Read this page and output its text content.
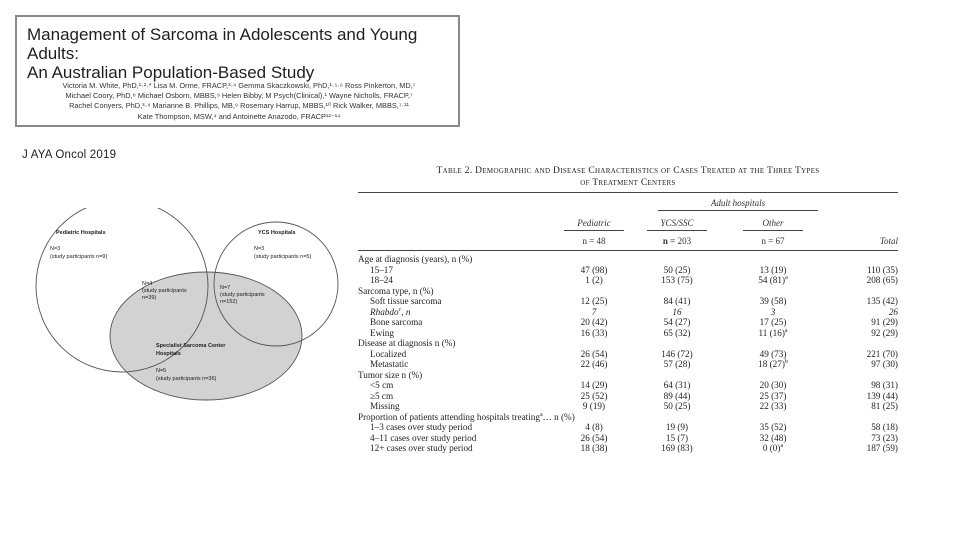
Management of Sarcoma in Adolescents and Young Adults:
An Australian Population-Based Study
Victoria M. White, PhD,¹·²·* Lisa M. Orme, FRACP,³·⁴ Gemma Skaczkowski, PhD,¹·⁵·⁶ Ross Pinkerton, MD,⁷
Michael Coory, PhD,⁸ Michael Osborn, MBBS,⁹ Helen Bibby, M Psych(Clinical),¹ Wayne Nicholls, FRACP,⁷
Rachel Conyers, PhD,³·⁴ Marianne B. Phillips, MB,⁹ Rosemary Harrup, MBBS,¹⁰ Rick Walker, MBBS,⁷·¹¹
Kate Thompson, MSW,⁴ and Antoinette Anazodo, FRACP¹²⁻¹⁴
J AYA Oncol 2019
Pediatric Hospitals
N=3
(study participants n=9)
YCS Hospitals
N=3
(study participants n=5)
N=4
(study participants
n=39)
N=7
(study participants
n=152)
Specialist Sarcoma Center
Hospitals
N=5
(study participants n=36)
Table 2. Demographic and Disease Characteristics of Cases Treated at the Three Types
of Treatment Centers
Adult hospitals
Pediatric	YCS/SSC	Other
n = 48	n = 203	n = 67	Total
Age at diagnosis (years), n (%)
15–17	47 (98)	50 (25)	13 (19)	110 (35)
18–24	1 (2)	153 (75)	54 $(81)^a$	208 (65)
Sarcoma type, n (%)
Soft tissue sarcoma	12 (25)	84 (41)	39 (58)	135 (42)
Rhabdo$^c$, n	7	16	3	26
Bone sarcoma	20 (42)	54 (27)	17 (25)	91 (29)
Ewing	16 (33)	65 (32)	11 $(16)^a$	92 (29)
Disease at diagnosis n (%)
Localized	26 (54)	146 (72)	49 (73)	221 (70)
Metastatic	22 (46)	57 (28)	18 $(27)^b$	97 (30)
Tumor size n (%)
<5 cm	14 (29)	64 (31)	20 (30)	98 (31)
≥5 cm	25 (52)	89 (44)	25 (37)	139 (44)
Missing	9 (19)	50 (25)	22 (33)	81 (25)
Proportion of patients attending hospitals treating$^a$… n (%)
1–3 cases over study period	4 (8)	19 (9)	35 (52)	58 (18)
4–11 cases over study period	26 (54)	15 (7)	32 (48)	73 (23)
12+ cases over study period	18 (38)	169 (83)	0 $(0)^a$	187 (59)
